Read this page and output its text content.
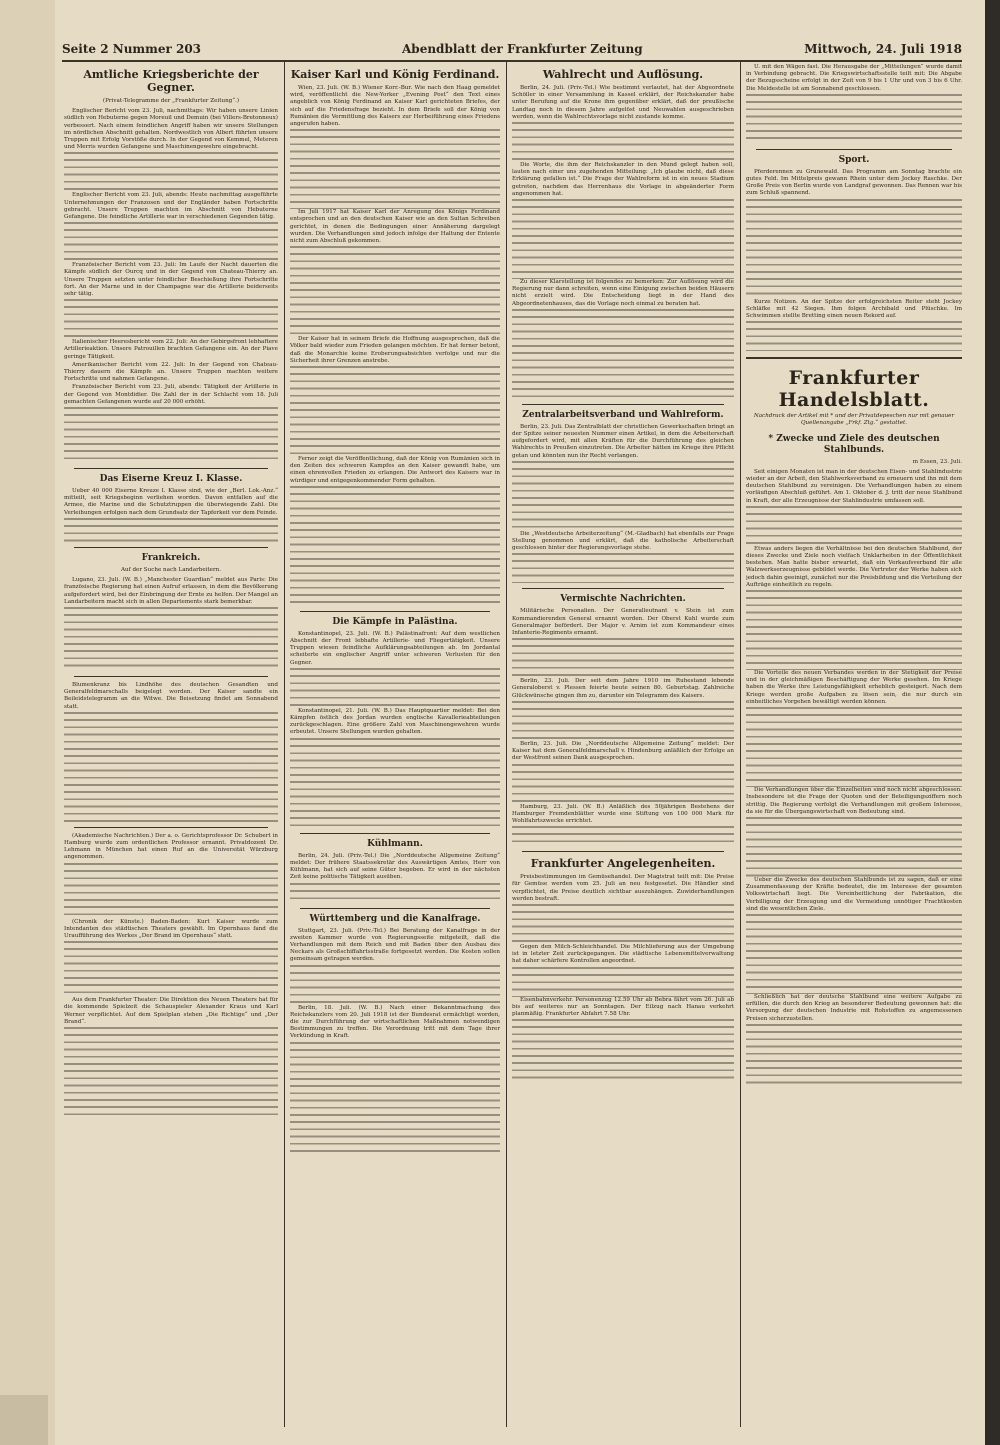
Seite 2 Nummer 203	Abendblatt der Frankfurter Zeitung	Mittwoch, 24. Juli 1918
Amtliche Kriegsberichte der Gegner.
(Privat-Telegramme der „Frankfurter Zeitung“.)

Englischer Bericht vom 23. Juli, nachmittags: Wir haben unsere Linien südlich von Hebuterne gegen Moreuil und Demuin (bei Villers-Bretonneux) verbessert. Nach einem feindlichen Angriff haben wir unsere Stellungen im nördlichen Abschnitt gehalten. Nordwestlich von Albert führten unsere Truppen mit Erfolg Vorstöße durch. In der Gegend von Kemmel, Meteren und Merris wurden Gefangene und Maschinengewehre eingebracht.

Englischer Bericht vom 23. Juli, abends: Heute nachmittag ausgeführte Unternehmungen der Franzosen und der Engländer haben Fortschritte gebracht. Unsere Truppen machten im Abschnitt von Hebuterne Gefangene. Die feindliche Artillerie war in verschiedenen Gegenden tätig.

Französischer Bericht vom 23. Juli: Im Laufe der Nacht dauerten die Kämpfe südlich der Ourcq und in der Gegend von Chateau-Thierry an. Unsere Truppen setzten unter feindlicher Beschießung ihre Fortschritte fort. An der Marne und in der Champagne war die Artillerie beiderseits sehr tätig.

Italienischer Heeresbericht vom 22. Juli: An der Gebirgsfront lebhaftere Artillerieaktion. Unsere Patrouillen brachten Gefangene ein. An der Piave geringe Tätigkeit.

Amerikanischer Bericht vom 22. Juli: In der Gegend von Chateau-Thierry dauern die Kämpfe an. Unsere Truppen machten weitere Fortschritte und nahmen Gefangene.

Französischer Bericht vom 23. Juli, abends: Tätigkeit der Artillerie in der Gegend von Montdidier. Die Zahl der in der Schlacht vom 18. Juli gemachten Gefangenen wurde auf 20 000 erhöht.

Das Eiserne Kreuz I. Klasse.

Ueber 40 000 Eiserne Kreuze I. Klasse sind, wie der „Berl. Lok.-Anz.“ mitteilt, seit Kriegsbeginn verliehen worden. Davon entfallen auf die Armee, die Marine und die Schutztruppen die überwiegende Zahl. Die Verleihungen erfolgen nach dem Grundsatz der Tapferkeit vor dem Feinde.

Frankreich.
Auf der Suche nach Landarbeitern.

Lugano, 23. Juli. (W. B.) „Manchester Guardian“ meldet aus Paris: Die französische Regierung hat einen Aufruf erlassen, in dem die Bevölkerung aufgefordert wird, bei der Einbringung der Ernte zu helfen. Der Mangel an Landarbeitern macht sich in allen Departements stark bemerkbar.

Blumenkranz bis Lindhöhe des deutschen Gesandten und Generalfeldmarschalls beigelegt worden. Der Kaiser sandte ein Beileidstelegramm an die Witwe. Die Beisetzung findet am Sonnabend statt.

(Akademische Nachrichten.) Der a. o. Gerichtsprofessor Dr. Schubert in Hamburg wurde zum ordentlichen Professor ernannt. Privatdozent Dr. Lehmann in München hat einen Ruf an die Universität Würzburg angenommen.

(Chronik der Künste.) Baden-Baden: Kurt Kaiser wurde zum Intendanten des städtischen Theaters gewählt. Im Opernhaus fand die Uraufführung des Werkes „Der Brand im Opernhaus“ statt.

Aus dem Frankfurter Theater: Die Direktion des Neuen Theaters hat für die kommende Spielzeit die Schauspieler Alexander Kraus und Karl Werner verpflichtet. Auf dem Spielplan stehen „Die Richtige“ und „Der Brand“.

Kaiser Karl und König Ferdinand.

Wien, 23. Juli. (W. B.) Wiener Korr.-Bur. Wie nach den Haag gemeldet wird, veröffentlicht die New-Yorker „Evening Post“ den Text eines angeblich von König Ferdinand an Kaiser Karl gerichteten Briefes, der sich auf die Friedensfrage bezieht. In dem Briefe soll der König von Rumänien die Vermittlung des Kaisers zur Herbeiführung eines Friedens angerufen haben.

Im Juli 1917 hat Kaiser Karl der Anregung des Königs Ferdinand entsprochen und an den deutschen Kaiser wie an den Sultan Schreiben gerichtet, in denen die Bedingungen einer Annäherung dargelegt wurden. Die Verhandlungen sind jedoch infolge der Haltung der Entente nicht zum Abschluß gekommen.

Der Kaiser hat in seinem Briefe die Hoffnung ausgesprochen, daß die Völker bald wieder zum Frieden gelangen möchten. Er hat ferner betont, daß die Monarchie keine Eroberungsabsichten verfolge und nur die Sicherheit ihrer Grenzen anstrebe.

Ferner zeigt die Veröffentlichung, daß der König von Rumänien sich in den Zeiten des schweren Kampfes an den Kaiser gewandt habe, um einen ehrenvollen Frieden zu erlangen. Die Antwort des Kaisers war in würdiger und entgegenkommender Form gehalten.

Die Kämpfe in Palästina.

Konstantinopel, 23. Juli. (W. B.) Palästinafront: Auf dem westlichen Abschnitt der Front lebhafte Artillerie- und Fliegertätigkeit. Unsere Truppen wiesen feindliche Aufklärungsabteilungen ab. Im Jordantal scheiterte ein englischer Angriff unter schweren Verlusten für den Gegner.

Konstantinopel, 21. Juli. (W. B.) Das Hauptquartier meldet: Bei den Kämpfen östlich des Jordan wurden englische Kavallerieabteilungen zurückgeschlagen. Eine größere Zahl von Maschinengewehren wurde erbeutet. Unsere Stellungen wurden gehalten.

Kühlmann.

Berlin, 24. Juli. (Priv.-Tel.) Die „Norddeutsche Allgemeine Zeitung“ meldet: Der frühere Staatssekretär des Auswärtigen Amtes, Herr von Kühlmann, hat sich auf seine Güter begeben. Er wird in der nächsten Zeit keine politische Tätigkeit ausüben.

Württemberg und die Kanalfrage.

Stuttgart, 23. Juli. (Priv.-Tel.) Bei Beratung der Kanalfrage in der zweiten Kammer wurde von Regierungsseite mitgeteilt, daß die Verhandlungen mit dem Reich und mit Baden über den Ausbau des Neckars als Großschiffahrtsstraße fortgesetzt werden. Die Kosten sollen gemeinsam getragen werden.

Berlin, 18. Juli. (W. B.) Nach einer Bekanntmachung des Reichskanzlers vom 20. Juli 1918 ist der Bundesrat ermächtigt worden, die zur Durchführung der wirtschaftlichen Maßnahmen notwendigen Bestimmungen zu treffen. Die Verordnung tritt mit dem Tage ihrer Verkündung in Kraft.

Wahlrecht und Auflösung.

Berlin, 24. Juli. (Priv.-Tel.) Wie bestimmt verlautet, hat der Abgeordnete Schöller in einer Versammlung in Kassel erklärt, der Reichskanzler habe unter Berufung auf die Krone ihm gegenüber erklärt, daß der preußische Landtag noch in diesem Jahre aufgelöst und Neuwahlen ausgeschrieben werden, wenn die Wahlrechtsvorlage nicht zustande komme.

Die Worte, die ihm der Reichskanzler in den Mund gelegt haben soll, lauten nach einer uns zugehenden Mitteilung: „Ich glaube nicht, daß diese Erklärung gefallen ist.“ Die Frage der Wahlreform ist in ein neues Stadium getreten, nachdem das Herrenhaus die Vorlage in abgeänderter Form angenommen hat.

Zu dieser Klarstellung ist folgendes zu bemerken: Zur Auflösung wird die Regierung nur dann schreiten, wenn eine Einigung zwischen beiden Häusern nicht erzielt wird. Die Entscheidung liegt in der Hand des Abgeordnetenhauses, das die Vorlage noch einmal zu beraten hat.

Zentralarbeitsverband und Wahlreform.

Berlin, 23. Juli. Das Zentralblatt der christlichen Gewerkschaften bringt an der Spitze seiner neuesten Nummer einen Artikel, in dem die Arbeiterschaft aufgefordert wird, mit allen Kräften für die Durchführung des gleichen Wahlrechts in Preußen einzutreten. Die Arbeiter hätten im Kriege ihre Pflicht getan und könnten nun ihr Recht verlangen.

Die „Westdeutsche Arbeiterzeitung“ (M.-Gladbach) hat ebenfalls zur Frage Stellung genommen und erklärt, daß die katholische Arbeiterschaft geschlossen hinter der Regierungsvorlage stehe.

Vermischte Nachrichten.

Militärische Personalien. Der Generalleutnant v. Stein ist zum Kommandierenden General ernannt worden. Der Oberst Kuhl wurde zum Generalmajor befördert. Der Major v. Arnim ist zum Kommandeur eines Infanterie-Regiments ernannt.

Berlin, 23. Juli. Der seit dem Jahre 1910 im Ruhestand lebende Generaloberst v. Plessen feierte heute seinen 80. Geburtstag. Zahlreiche Glückwünsche gingen ihm zu, darunter ein Telegramm des Kaisers.

Berlin, 23. Juli. Die „Norddeutsche Allgemeine Zeitung“ meldet: Der Kaiser hat dem Generalfeldmarschall v. Hindenburg anläßlich der Erfolge an der Westfront seinen Dank ausgesprochen.

Hamburg, 23. Juli. (W. B.) Anläßlich des 50jährigen Bestehens der Hamburger Fremdenblätter wurde eine Stiftung von 100 000 Mark für Wohlfahrtszwecke errichtet.

Frankfurter Angelegenheiten.

Preisbestimmungen im Gemüsehandel. Der Magistrat teilt mit: Die Preise für Gemüse werden vom 25. Juli an neu festgesetzt. Die Händler sind verpflichtet, die Preise deutlich sichtbar auszuhängen. Zuwiderhandlungen werden bestraft.

Gegen den Milch-Schleichhandel. Die Milchlieferung aus der Umgebung ist in letzter Zeit zurückgegangen. Die städtische Lebensmittelverwaltung hat daher schärfere Kontrollen angeordnet.

Eisenbahnverkehr. Personenzug 12.59 Uhr ab Bebra fährt vom 26. Juli ab bis auf weiteres nur an Sonntagen. Der Eilzug nach Hanau verkehrt planmäßig. Frankfurter Abfahrt 7.58 Uhr.

U. mit den Wägen fast. Die Herausgabe der „Mitteilungen“ wurde damit in Verbindung gebracht. Die Kriegswirtschaftsstelle teilt mit: Die Abgabe der Bezugsscheine erfolgt in der Zeit von 9 bis 1 Uhr und von 3 bis 6 Uhr. Die Meldestelle ist am Sonnabend geschlossen.

Sport.

Pferderennen zu Grunewald. Das Programm am Sonntag brachte ein gutes Feld. Im Mittelpreis gewann Rhein unter dem Jockey Raschke. Der Große Preis von Berlin wurde von Landgraf gewonnen. Das Rennen war bis zum Schluß spannend.

Kurze Notizen. An der Spitze der erfolgreichsten Reiter steht Jockey Schläfke mit 42 Siegen. Ihm folgen Archibald und Plüschke. Im Schwimmen stellte Bretting einen neuen Rekord auf.

Frankfurter Handelsblatt.
Nachdruck der Artikel mit * und der Privatdepeschen nur mit genauer Quellenangabe „Frkf. Ztg.“ gestattet.
* Zwecke und Ziele des deutschen Stahlbunds.
m Essen, 23. Juli.

Seit einigen Monaten ist man in der deutschen Eisen- und Stahlindustrie wieder an der Arbeit, den Stahlwerksverband zu erneuern und ihn mit dem deutschen Stahlbund zu vereinigen. Die Verhandlungen haben zu einem vorläufigen Abschluß geführt. Am 1. Oktober d. J. tritt der neue Stahlbund in Kraft, der alle Erzeugnisse der Stahlindustrie umfassen soll.

Etwas anders liegen die Verhältnisse bei den deutschen Stahlbund, der dieses Zwecke und Ziele noch vielfach Unklarheiten in der Öffentlichkeit bestehen. Man hatte bisher erwartet, daß ein Verkaufsverband für alle Walzwerkserzeugnisse gebildet werde. Die Vertreter der Werke haben sich jedoch dahin geeinigt, zunächst nur die Preisbildung und die Verteilung der Aufträge einheitlich zu regeln.

Die Vorteile des neuen Verbandes werden in der Stetigkeit der Preise und in der gleichmäßigen Beschäftigung der Werke gesehen. Im Kriege haben die Werke ihre Leistungsfähigkeit erheblich gesteigert. Nach dem Kriege werden große Aufgaben zu lösen sein, die nur durch ein einheitliches Vorgehen bewältigt werden können.

Die Verhandlungen über die Einzelheiten sind noch nicht abgeschlossen. Insbesondere ist die Frage der Quoten und der Beteiligungsziffern noch strittig. Die Regierung verfolgt die Verhandlungen mit großem Interesse, da sie für die Übergangswirtschaft von Bedeutung sind.

Ueber die Zwecke des deutschen Stahlbunds ist zu sagen, daß er eine Zusammenfassung der Kräfte bedeutet, die im Interesse der gesamten Volkswirtschaft liegt. Die Vereinheitlichung der Fabrikation, die Verbilligung der Erzeugung und die Vermeidung unnötiger Frachtkosten sind die wesentlichen Ziele.

Schließlich hat der deutsche Stahlbund eine weitere Aufgabe zu erfüllen, die durch den Krieg an besonderer Bedeutung gewonnen hat: die Versorgung der deutschen Industrie mit Rohstoffen zu angemessenen Preisen sicherzustellen.
